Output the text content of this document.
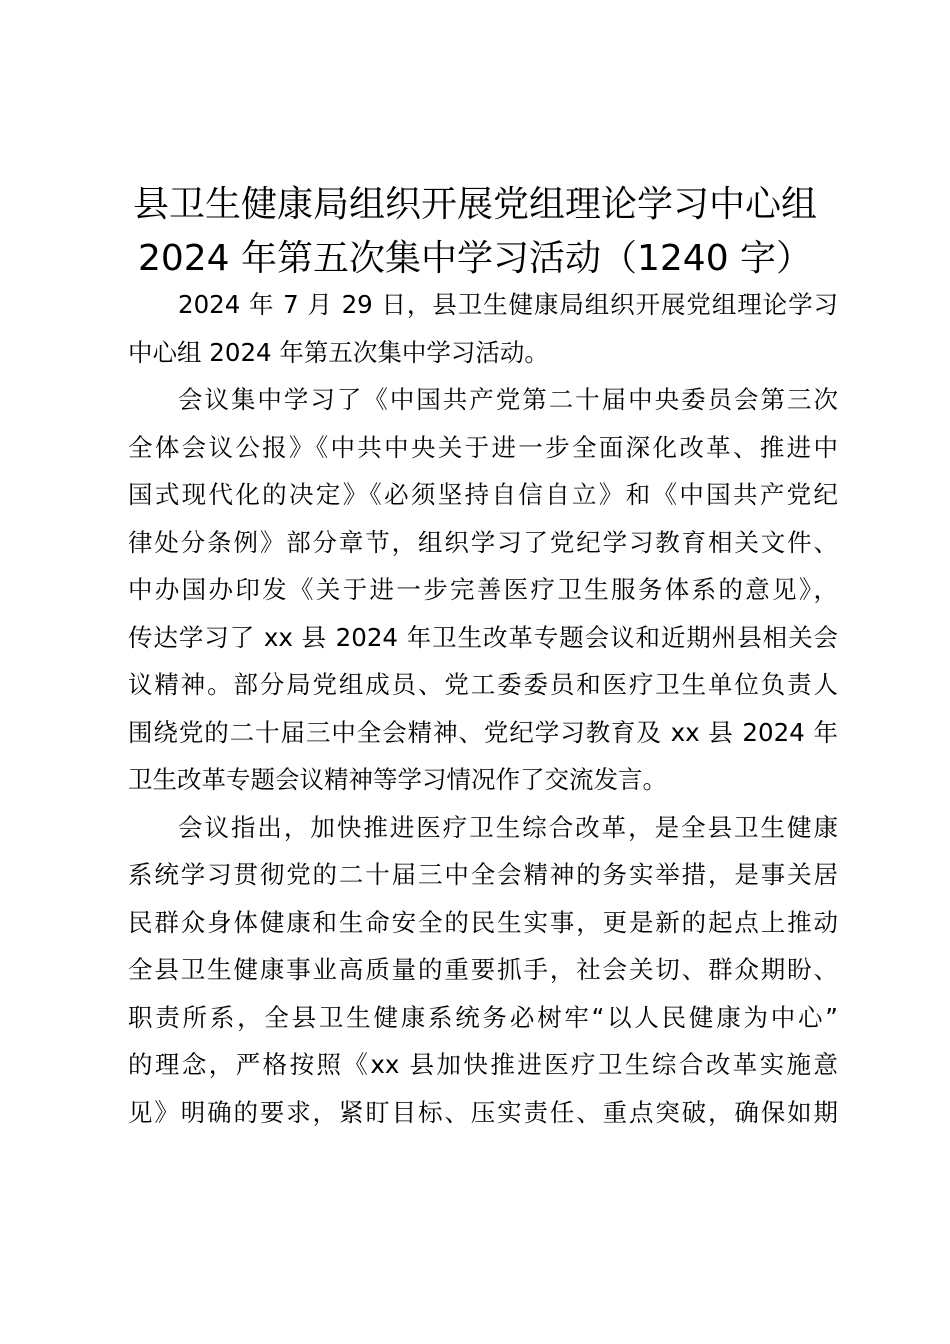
县卫生健康局组织开展党组理论学习中心组
2024 年第五次集中学习活动（1240 字）

2024 年 7 月 29 日，县卫生健康局组织开展党组理论学习
中心组 2024 年第五次集中学习活动。

会议集中学习了《中国共产党第二十届中央委员会第三次
全体会议公报》《中共中央关于进一步全面深化改革、推进中
国式现代化的决定》《必须坚持自信自立》和《中国共产党纪
律处分条例》部分章节，组织学习了党纪学习教育相关文件、
中办国办印发《关于进一步完善医疗卫生服务体系的意见》，
传达学习了 xx 县 2024 年卫生改革专题会议和近期州县相关会
议精神。部分局党组成员、党工委委员和医疗卫生单位负责人
围绕党的二十届三中全会精神、党纪学习教育及 xx 县 2024 年
卫生改革专题会议精神等学习情况作了交流发言。

会议指出，加快推进医疗卫生综合改革，是全县卫生健康
系统学习贯彻党的二十届三中全会精神的务实举措，是事关居
民群众身体健康和生命安全的民生实事，更是新的起点上推动
全县卫生健康事业高质量的重要抓手，社会关切、群众期盼、
职责所系，全县卫生健康系统务必树牢“以人民健康为中心”
的理念，严格按照《xx 县加快推进医疗卫生综合改革实施意
见》明确的要求，紧盯目标、压实责任、重点突破，确保如期
